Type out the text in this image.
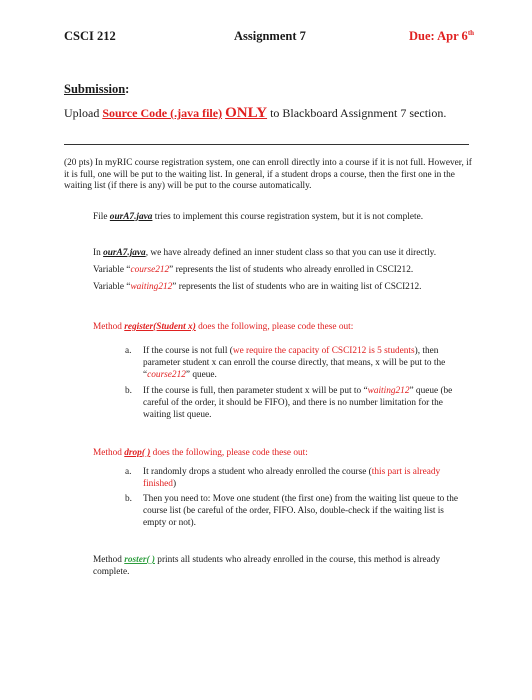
CSCI 212	Assignment 7	Due: Apr 6th
Submission:
Upload Source Code (.java file) ONLY to Blackboard Assignment 7 section.
(20 pts) In myRIC course registration system, one can enroll directly into a course if it is not full. However, if it is full, one will be put to the waiting list. In general, if a student drops a course, then the first one in the waiting list (if there is any) will be put to the course automatically.
File ourA7.java tries to implement this course registration system, but it is not complete.
In ourA7.java, we have already defined an inner student class so that you can use it directly.
Variable “course212” represents the list of students who already enrolled in CSCI212.
Variable “waiting212” represents the list of students who are in waiting list of CSCI212.
Method register(Student x) does the following, please code these out:
a. If the course is not full (we require the capacity of CSCI212 is 5 students), then
parameter student x can enroll the course directly, that means, x will be put to the
“course212” queue.
b. If the course is full, then parameter student x will be put to “waiting212” queue (be
careful of the order, it should be FIFO), and there is no number limitation for the
waiting list queue.
Method drop( ) does the following, please code these out:
a. It randomly drops a student who already enrolled the course (this part is already
finished)
b. Then you need to: Move one student (the first one) from the waiting list queue to the
course list (be careful of the order, FIFO. Also, double-check if the waiting list is
empty or not).
Method roster( ) prints all students who already enrolled in the course, this method is already
complete.
